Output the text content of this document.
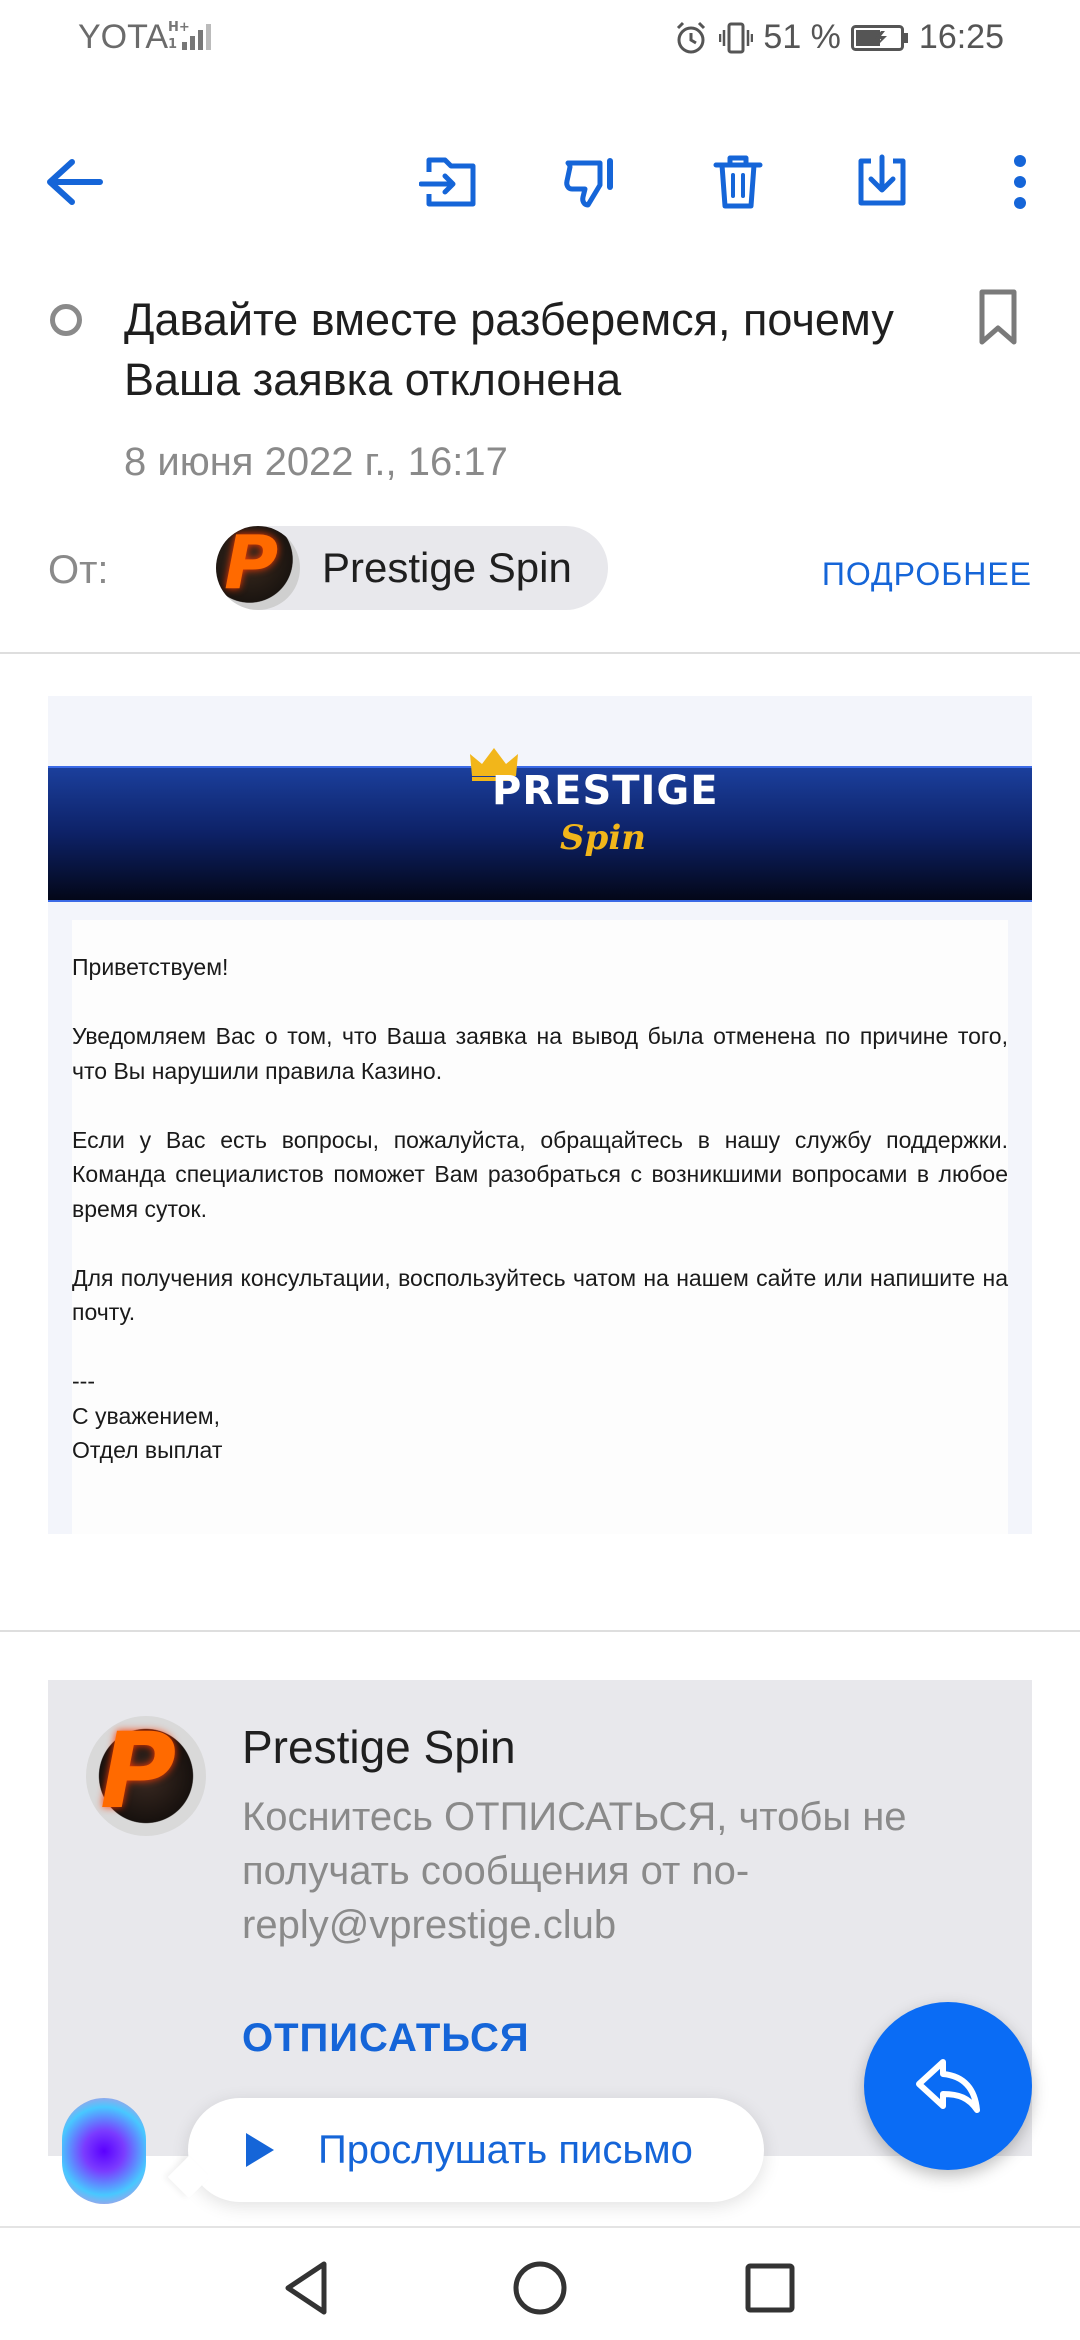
YOTA H+
1	51 % 16:25
Давайте вместе разберемся, почему Ваша заявка отклонена
8 июня 2022 г., 16:17
От: P Prestige Spin	ПОДРОБНЕЕ
PRESTIGE
Spin

Приветствуем!

Уведомляем Вас о том, что Ваша заявка на вывод была отменена по причине того, что Вы нарушили правила Казино.

Если у Вас есть вопросы, пожалуйста, обращайтесь в нашу службу поддержки. Команда специалистов поможет Вам разобраться с возникшими вопросами в любое время суток.

Для получения консультации, воспользуйтесь чатом на нашем сайте или напишите на почту.

---

С уважением,

Отдел выплат

P Prestige Spin
Коснитесь ОТПИСАТЬСЯ, чтобы не получать сообщения от no-reply@vprestige.club
ОТПИСАТЬСЯ
Прослушать письмо
